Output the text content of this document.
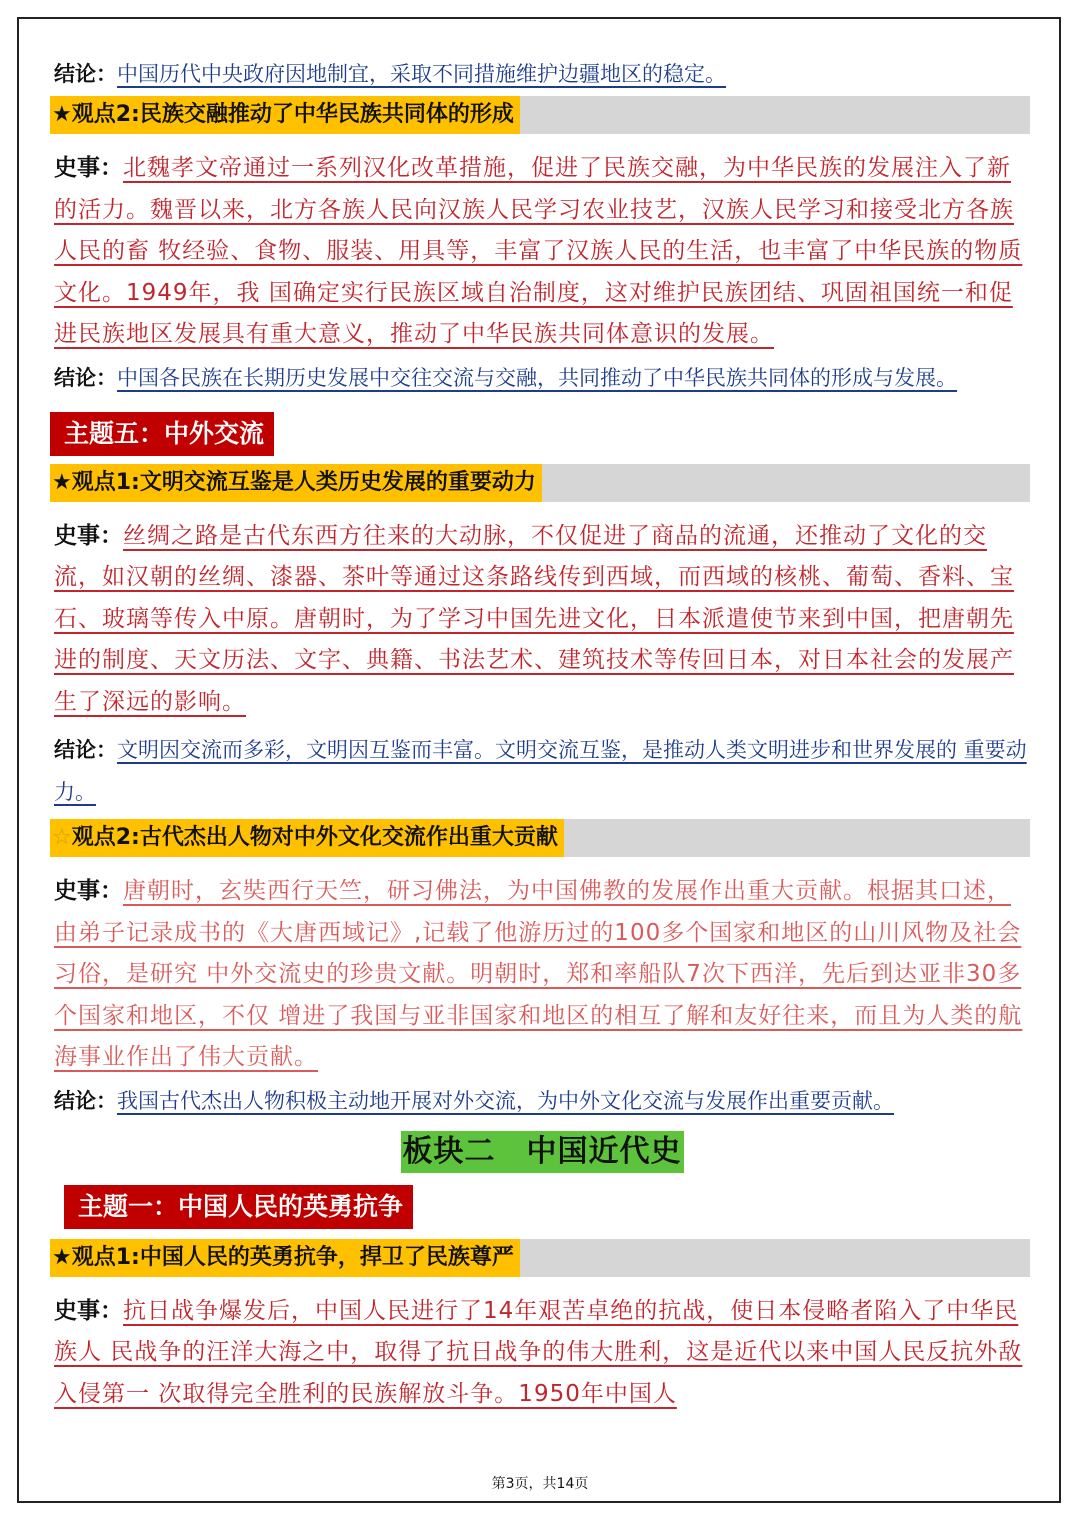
结论：中国历代中央政府因地制宜，采取不同措施维护边疆地区的稳定。

★观点2:民族交融推动了中华民族共同体的形成

史事：北魏孝文帝通过一系列汉化改革措施，促进了民族交融，为中华民族的发展注入了新的活力。魏晋以来，北方各族人民向汉族人民学习农业技艺，汉族人民学习和接受北方各族人民的畜 牧经验、食物、服装、用具等，丰富了汉族人民的生活，也丰富了中华民族的物质文化。1949年，我 国确定实行民族区域自治制度，这对维护民族团结、巩固祖国统一和促进民族地区发展具有重大意义，推动了中华民族共同体意识的发展。

结论：中国各民族在长期历史发展中交往交流与交融，共同推动了中华民族共同体的形成与发展。

主题五：中外交流
★观点1:文明交流互鉴是人类历史发展的重要动力

史事：丝绸之路是古代东西方往来的大动脉，不仅促进了商品的流通，还推动了文化的交流，如汉朝的丝绸、漆器、茶叶等通过这条路线传到西域，而西域的核桃、葡萄、香料、宝石、玻璃等传入中原。唐朝时，为了学习中国先进文化，日本派遣使节来到中国，把唐朝先进的制度、天文历法、文字、典籍、书法艺术、建筑技术等传回日本，对日本社会的发展产生了深远的影响。

结论：文明因交流而多彩，文明因互鉴而丰富。文明交流互鉴，是推动人类文明进步和世界发展的 重要动力。

☆观点2:古代杰出人物对中外文化交流作出重大贡献

史事：唐朝时，玄奘西行天竺，研习佛法，为中国佛教的发展作出重大贡献。根据其口述，由弟子记录成书的《大唐西域记》,记载了他游历过的100多个国家和地区的山川风物及社会习俗，是研究 中外交流史的珍贵文献。明朝时，郑和率船队7次下西洋，先后到达亚非30多个国家和地区，不仅 增进了我国与亚非国家和地区的相互了解和友好往来，而且为人类的航海事业作出了伟大贡献。

结论：我国古代杰出人物积极主动地开展对外交流，为中外文化交流与发展作出重要贡献。

板块二　中国近代史

主题一：中国人民的英勇抗争
★观点1:中国人民的英勇抗争，捍卫了民族尊严

史事：抗日战争爆发后，中国人民进行了14年艰苦卓绝的抗战，使日本侵略者陷入了中华民族人 民战争的汪洋大海之中，取得了抗日战争的伟大胜利，这是近代以来中国人民反抗外敌入侵第一 次取得完全胜利的民族解放斗争。1950年中国人

第3页，共14页
